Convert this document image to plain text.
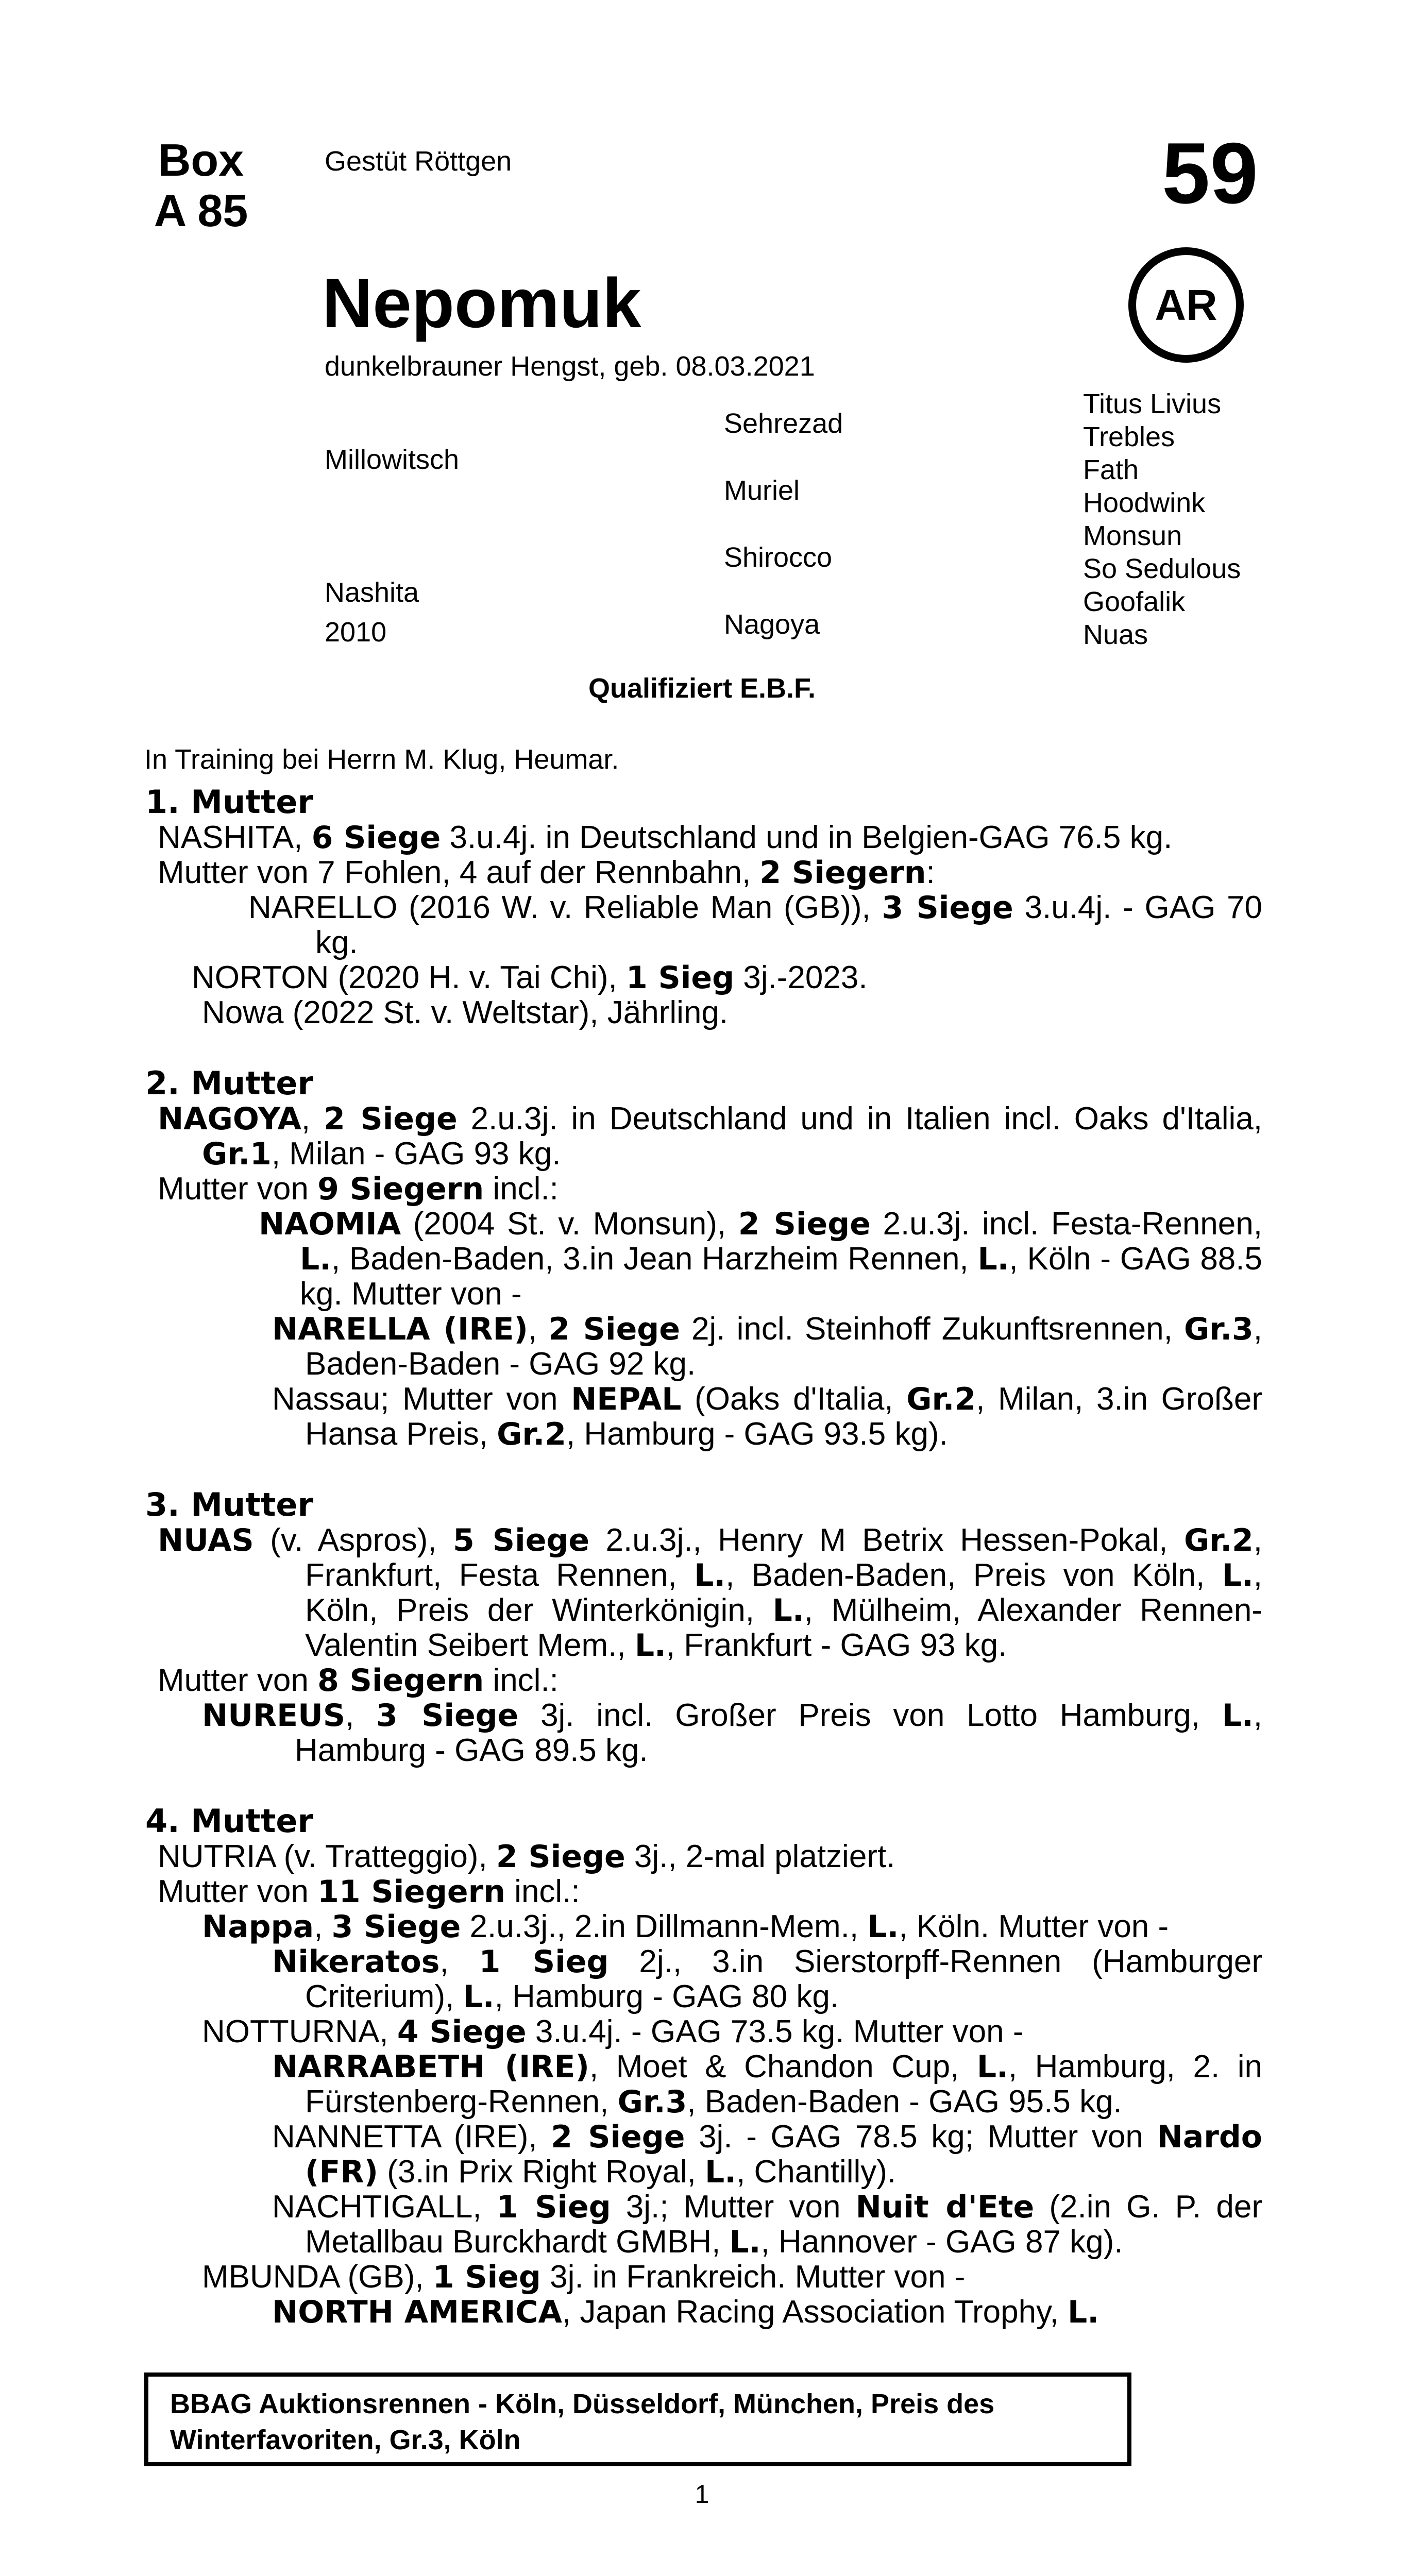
Box
A 85
Gestüt Röttgen	59
AR
Nepomuk
dunkelbrauner Hengst, geb. 08.03.2021
Millowitsch
Nashita
2010
Sehrezad
Muriel
Shirocco
Nagoya
Titus Livius
Trebles
Fath
Hoodwink
Monsun
So Sedulous
Goofalik
Nuas
Qualifiziert E.B.F.
In Training bei Herrn M. Klug, Heumar.
1. Mutter

NASHITA, 6 Siege 3.u.4j. in Deutschland und in Belgien-GAG 76.5 kg.

Mutter von 7 Fohlen, 4 auf der Rennbahn, 2 Siegern:

NARELLO (2016 W. v. Reliable Man (GB)), 3 Siege 3.u.4j. - GAG 70 kg.

NORTON (2020 H. v. Tai Chi), 1 Sieg 3j.-2023.

Nowa (2022 St. v. Weltstar), Jährling.

2. Mutter

NAGOYA, 2 Siege 2.u.3j. in Deutschland und in Italien incl. Oaks d'Italia, Gr.1, Milan - GAG 93 kg.

Mutter von 9 Siegern incl.:

NAOMIA (2004 St. v. Monsun), 2 Siege 2.u.3j. incl. Festa-Rennen, L., Baden-Baden, 3.in Jean Harzheim Rennen, L., Köln - GAG 88.5 kg. Mutter von -

NARELLA (IRE), 2 Siege 2j. incl. Steinhoff Zukunftsrennen, Gr.3, Baden-Baden - GAG 92 kg.

Nassau; Mutter von NEPAL (Oaks d'Italia, Gr.2, Milan, 3.in Großer Hansa Preis, Gr.2, Hamburg - GAG 93.5 kg).

3. Mutter

NUAS (v. Aspros), 5 Siege 2.u.3j., Henry M Betrix Hessen-Pokal, Gr.2, Frankfurt, Festa Rennen, L., Baden-Baden, Preis von Köln, L., Köln, Preis der Winterkönigin, L., Mülheim, Alexander Rennen-Valentin Seibert Mem., L., Frankfurt - GAG 93 kg.

Mutter von 8 Siegern incl.:

NUREUS, 3 Siege 3j. incl. Großer Preis von Lotto Hamburg, L., Hamburg - GAG 89.5 kg.

4. Mutter

NUTRIA (v. Tratteggio), 2 Siege 3j., 2-mal platziert.

Mutter von 11 Siegern incl.:

Nappa, 3 Siege 2.u.3j., 2.in Dillmann-Mem., L., Köln. Mutter von -

Nikeratos, 1 Sieg 2j., 3.in Sierstorpff-Rennen (Hamburger Criterium), L., Hamburg - GAG 80 kg.

NOTTURNA, 4 Siege 3.u.4j. - GAG 73.5 kg. Mutter von -

NARRABETH (IRE), Moet & Chandon Cup, L., Hamburg, 2. in Fürstenberg-Rennen, Gr.3, Baden-Baden - GAG 95.5 kg.

NANNETTA (IRE), 2 Siege 3j. - GAG 78.5 kg; Mutter von Nardo (FR) (3.in Prix Right Royal, L., Chantilly).

NACHTIGALL, 1 Sieg 3j.; Mutter von Nuit d'Ete (2.in G. P. der Metallbau Burckhardt GMBH, L., Hannover - GAG 87 kg).

MBUNDA (GB), 1 Sieg 3j. in Frankreich. Mutter von -

NORTH AMERICA, Japan Racing Association Trophy, L.

BBAG Auktionsrennen - Köln, Düsseldorf, München, Preis des
Winterfavoriten, Gr.3, Köln
1
